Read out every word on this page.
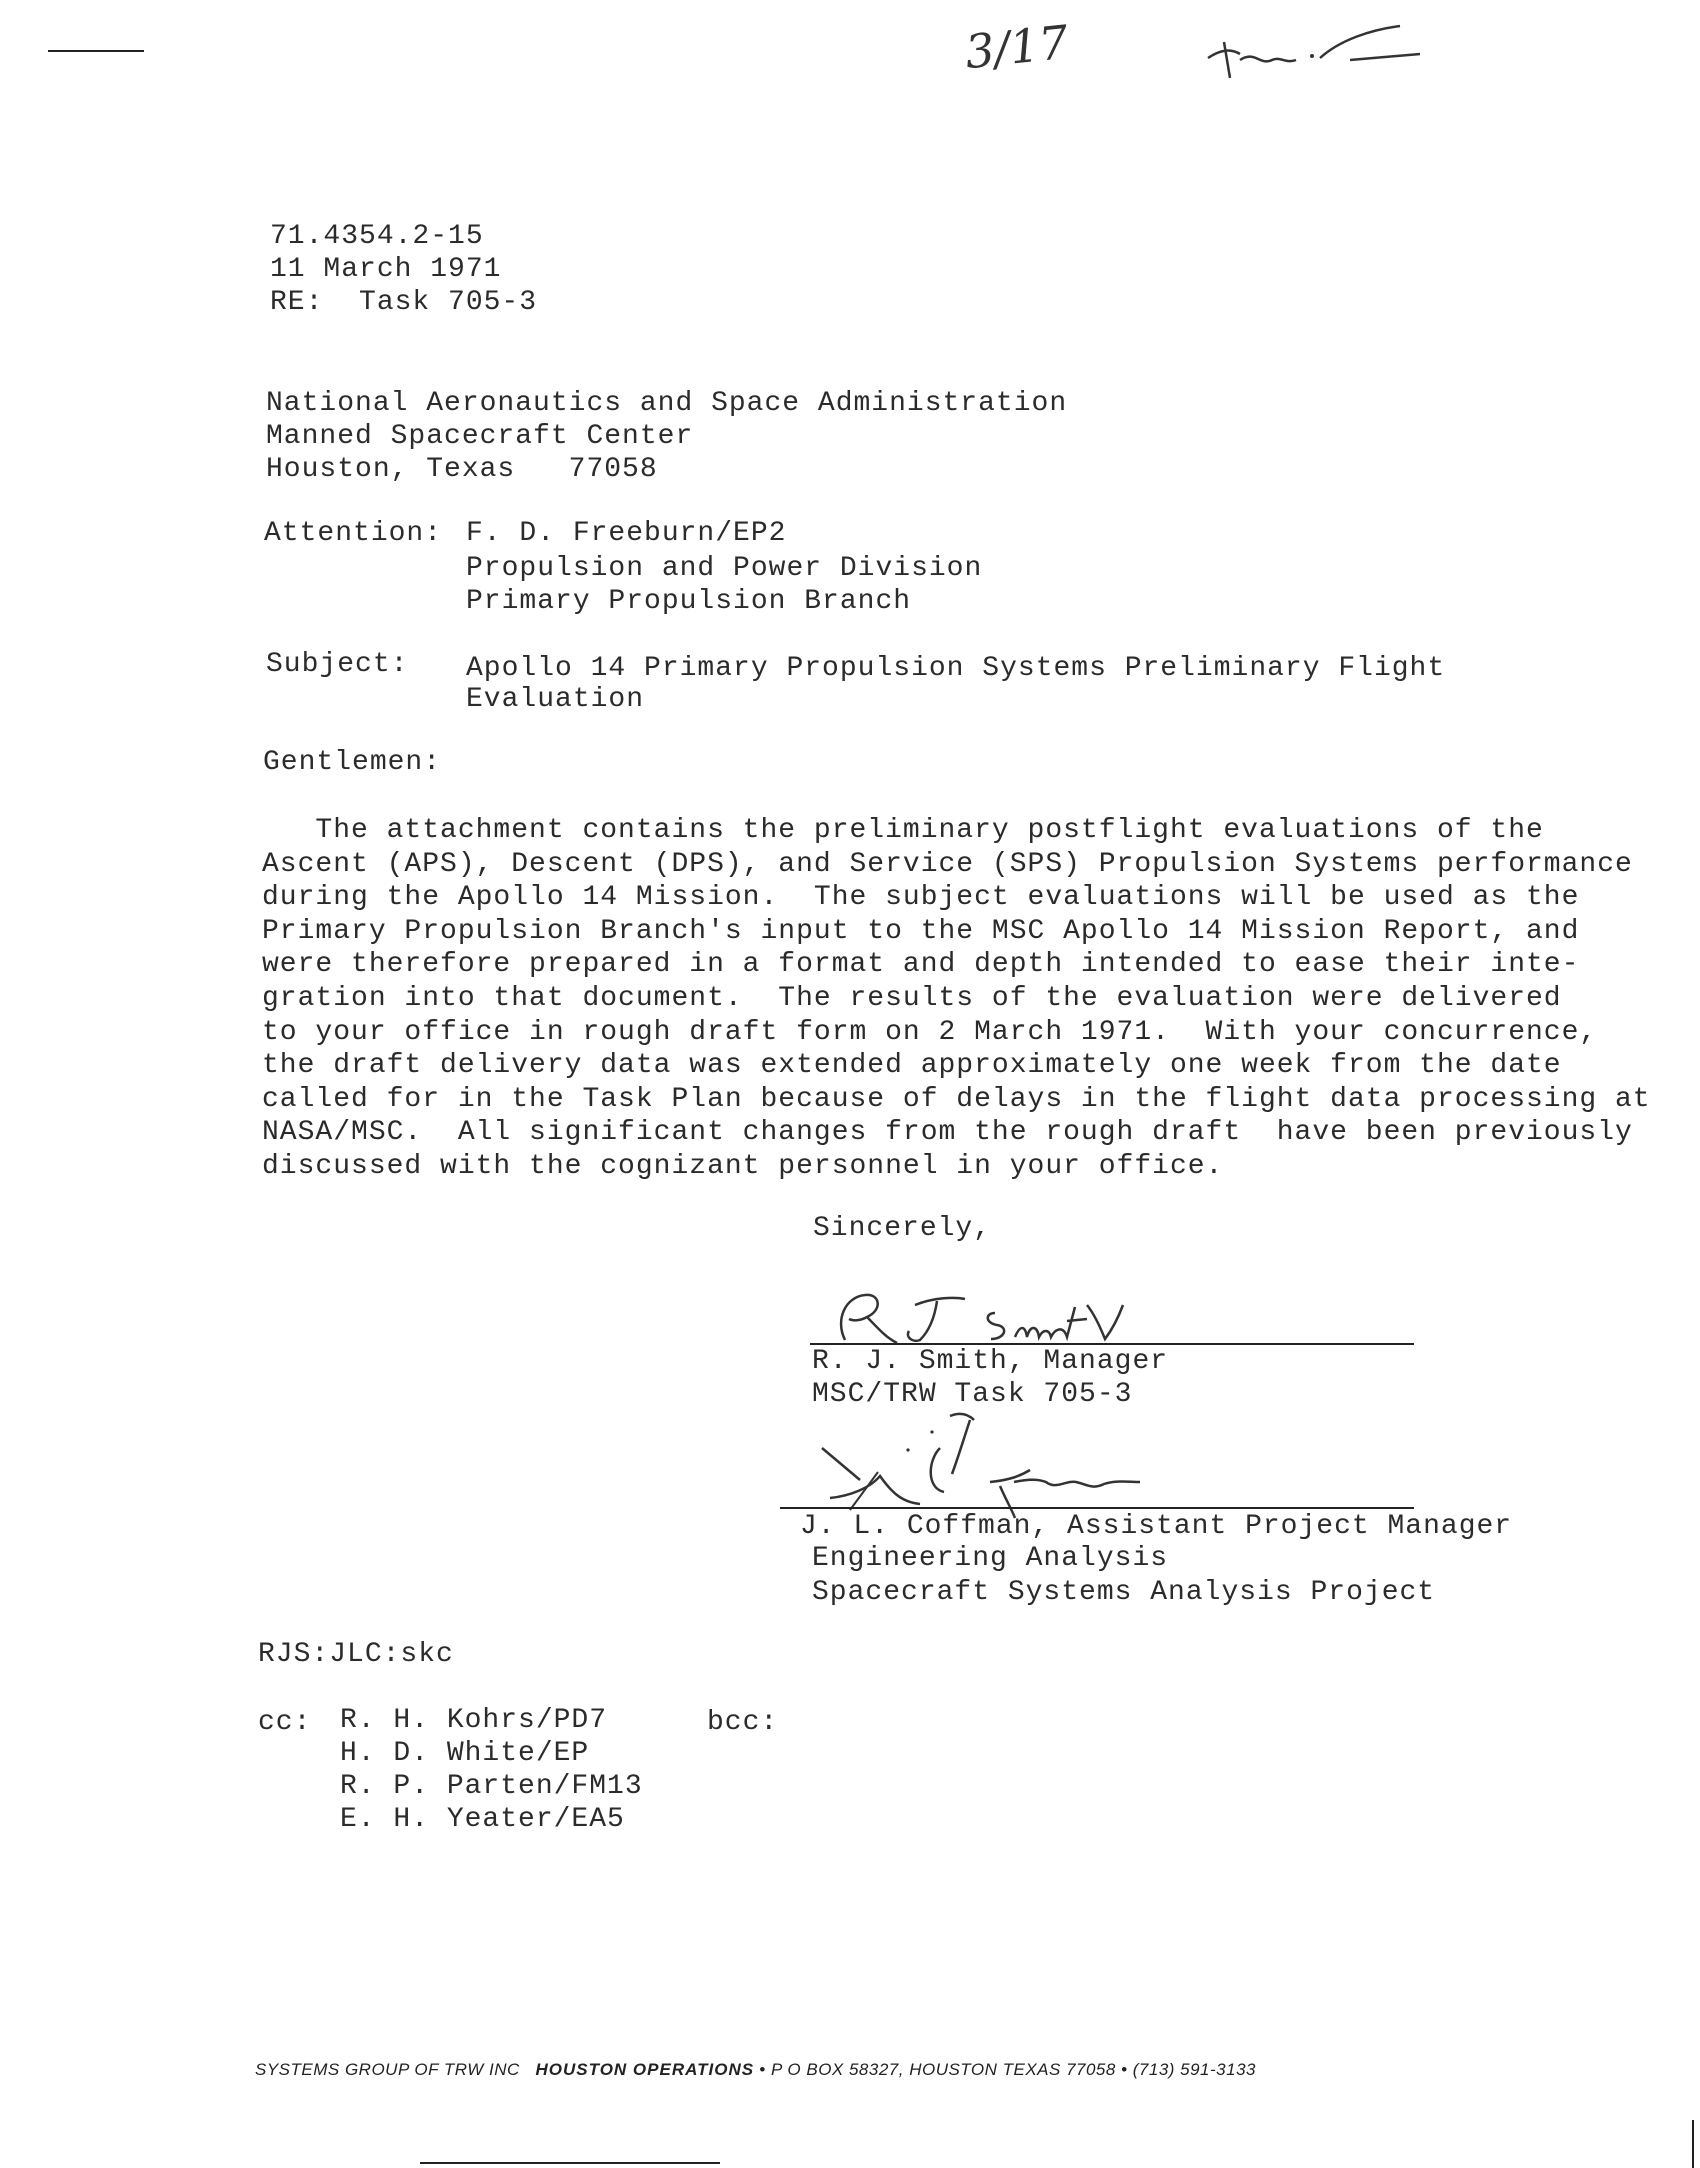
3/17
71.4354.2-15
11 March 1971
RE:  Task 705-3
National Aeronautics and Space Administration
Manned Spacecraft Center
Houston, Texas   77058
Attention: F. D. Freeburn/EP2
Propulsion and Power Division
Primary Propulsion Branch
Subject: Apollo 14 Primary Propulsion Systems Preliminary Flight
Evaluation
Gentlemen:
The attachment contains the preliminary postflight evaluations of the
Ascent (APS), Descent (DPS), and Service (SPS) Propulsion Systems performance
during the Apollo 14 Mission.  The subject evaluations will be used as the
Primary Propulsion Branch's input to the MSC Apollo 14 Mission Report, and
were therefore prepared in a format and depth intended to ease their inte-
gration into that document.  The results of the evaluation were delivered
to your office in rough draft form on 2 March 1971.  With your concurrence,
the draft delivery data was extended approximately one week from the date
called for in the Task Plan because of delays in the flight data processing at
NASA/MSC.  All significant changes from the rough draft  have been previously
discussed with the cognizant personnel in your office.
Sincerely,
R. J. Smith, Manager
MSC/TRW Task 705-3
J. L. Coffman, Assistant Project Manager
Engineering Analysis
Spacecraft Systems Analysis Project
RJS:JLC:skc
cc: R. H. Kohrs/PD7
H. D. White/EP
R. P. Parten/FM13
E. H. Yeater/EA5
bcc:
SYSTEMS GROUP OF TRW INC HOUSTON OPERATIONS • P O BOX 58327, HOUSTON TEXAS 77058 • (713) 591-3133
